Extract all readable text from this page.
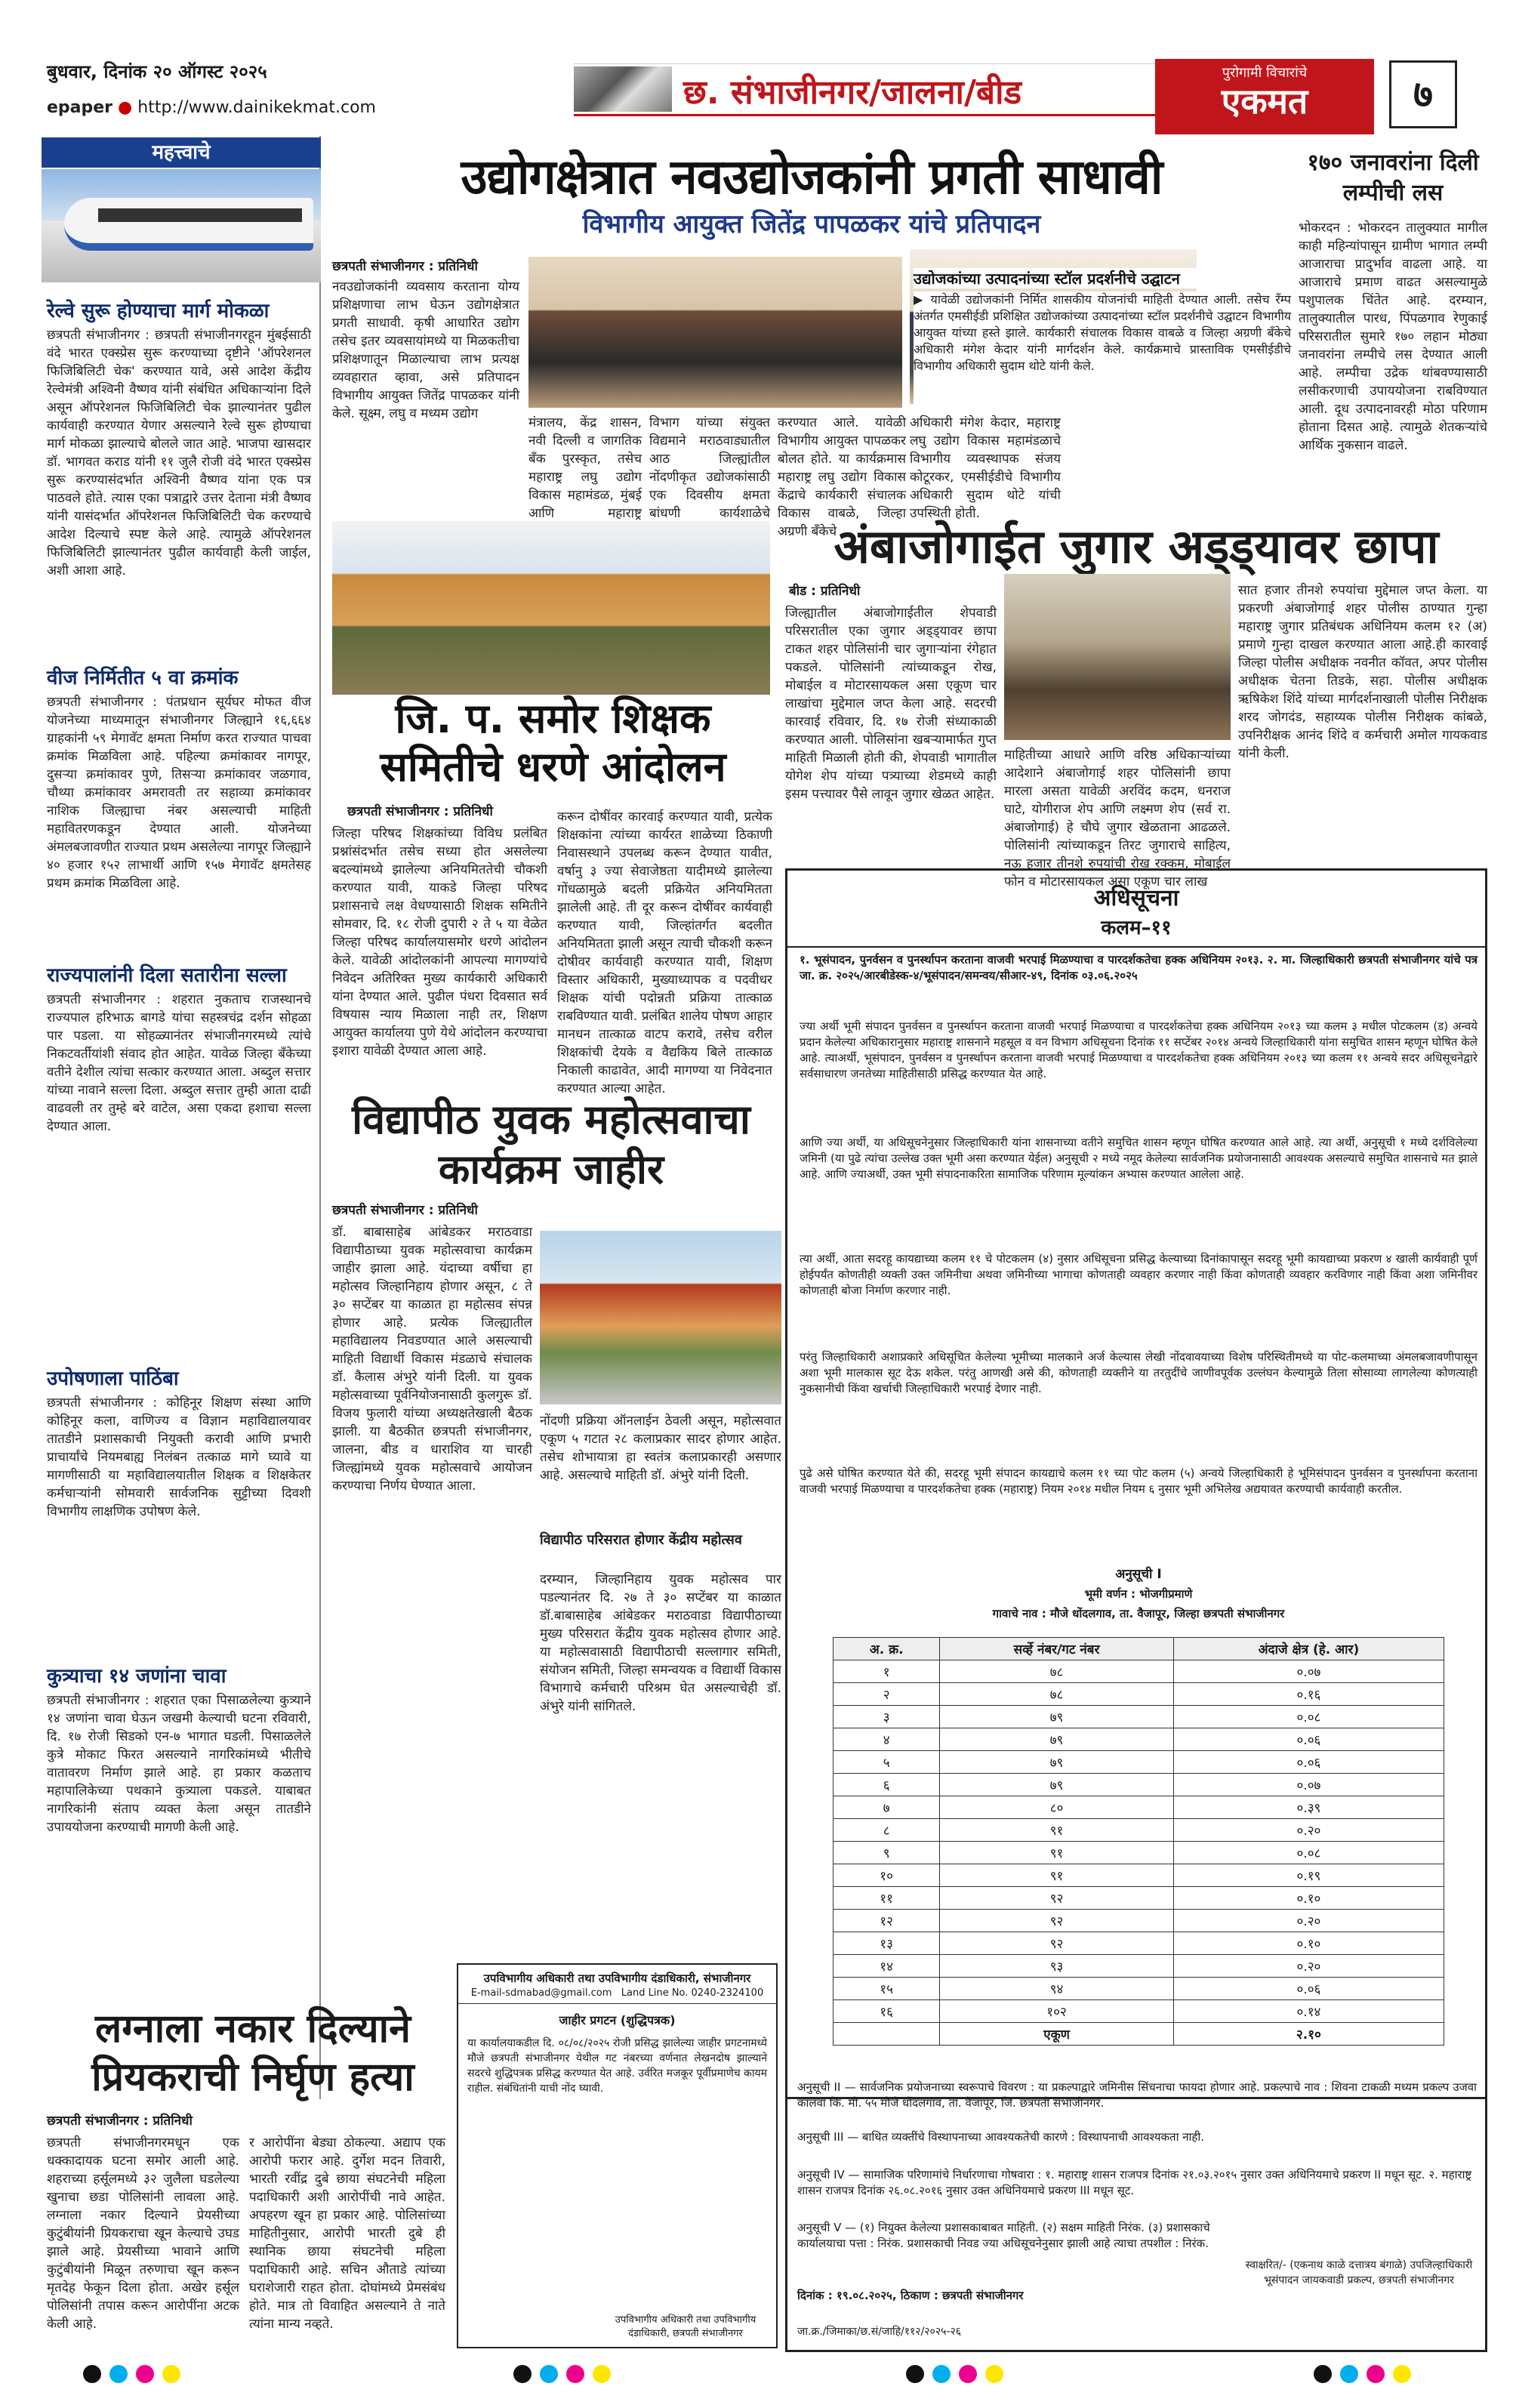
बुधवार, दिनांक २० ऑगस्ट २०२५
epaper ● http://www.dainikekmat.com	छ. संभाजीनगर/जालना/बीड
पुरोगामी विचारांचे
एकमत	७
महत्त्वाचे
रेल्वे सुरू होण्याचा मार्ग मोकळा
छत्रपती संभाजीनगर : छत्रपती संभाजीनगरहून मुंबईसाठी वंदे भारत एक्स्प्रेस सुरू करण्याच्या दृष्टीने 'ऑपरेशनल फिजिबिलिटी चेक' करण्यात यावे, असे आदेश केंद्रीय रेल्वेमंत्री अश्विनी वैष्णव यांनी संबंधित अधिकाऱ्यांना दिले असून ऑपरेशनल फिजिबिलिटी चेक झाल्यानंतर पुढील कार्यवाही करण्यात येणार असल्याने रेल्वे सुरू होण्याचा मार्ग मोकळा झाल्याचे बोलले जात आहे. भाजपा खासदार डॉ. भागवत कराड यांनी ११ जुलै रोजी वंदे भारत एक्स्प्रेस सुरू करण्यासंदर्भात अश्विनी वैष्णव यांना एक पत्र पाठवले होते. त्यास एका पत्राद्वारे उत्तर देताना मंत्री वैष्णव यांनी यासंदर्भात ऑपरेशनल फिजिबिलिटी चेक करण्याचे आदेश दिल्याचे स्पष्ट केले आहे. त्यामुळे ऑपरेशनल फिजिबिलिटी झाल्यानंतर पुढील कार्यवाही केली जाईल, अशी आशा आहे.
वीज निर्मितीत ५ वा क्रमांक
छत्रपती संभाजीनगर : पंतप्रधान सूर्यघर मोफत वीज योजनेच्या माध्यमातून संभाजीनगर जिल्ह्याने १६,६६४ ग्राहकांनी ५९ मेगावॅट क्षमता निर्माण करत राज्यात पाचवा क्रमांक मिळविला आहे. पहिल्या क्रमांकावर नागपूर, दुसऱ्या क्रमांकावर पुणे, तिसऱ्या क्रमांकावर जळगाव, चौथ्या क्रमांकावर अमरावती तर सहाव्या क्रमांकावर नाशिक जिल्ह्याचा नंबर असल्याची माहिती महावितरणकडून देण्यात आली. योजनेच्या अंमलबजावणीत राज्यात प्रथम असलेल्या नागपूर जिल्ह्याने ४० हजार १५२ लाभार्थी आणि १५७ मेगावॅट क्षमतेसह प्रथम क्रमांक मिळविला आहे.
राज्यपालांनी दिला सतारीना सल्ला
छत्रपती संभाजीनगर : शहरात नुकताच राजस्थानचे राज्यपाल हरिभाऊ बागडे यांचा सहस्त्रचंद्र दर्शन सोहळा पार पडला. या सोहळ्यानंतर संभाजीनगरमध्ये त्यांचे निकटवर्तीयांशी संवाद होत आहेत. यावेळ जिल्हा बँकेच्या वतीने देशील त्यांचा सत्कार करण्यात आला. अब्दुल सत्तार यांच्या नावाने सल्ला दिला. अब्दुल सत्तार तुम्ही आता दाढी वाढवली तर तुम्हे बरे वाटेल, असा एकदा हशाचा सल्ला देण्यात आला.
उपोषणाला पाठिंबा
छत्रपती संभाजीनगर : कोहिनूर शिक्षण संस्था आणि कोहिनूर कला, वाणिज्य व विज्ञान महाविद्यालयावर तातडीने प्रशासकाची नियुक्ती करावी आणि प्रभारी प्राचार्यांचे नियमबाह्य निलंबन तत्काळ मागे घ्यावे या मागणीसाठी या महाविद्यालयातील शिक्षक व शिक्षकेतर कर्मचाऱ्यांनी सोमवारी सार्वजनिक सुट्टीच्या दिवशी विभागीय लाक्षणिक उपोषण केले.
कुत्र्याचा १४ जणांना चावा
छत्रपती संभाजीनगर : शहरात एका पिसाळलेल्या कुत्र्याने १४ जणांना चावा घेऊन जखमी केल्याची घटना रविवारी, दि. १७ रोजी सिडको एन-७ भागात घडली. पिसाळलेले कुत्रे मोकाट फिरत असल्याने नागरिकांमध्ये भीतीचे वातावरण निर्माण झाले आहे. हा प्रकार कळताच महापालिकेच्या पथकाने कुत्र्याला पकडले. याबाबत नागरिकांनी संताप व्यक्त केला असून तातडीने उपाययोजना करण्याची मागणी केली आहे.
उद्योगक्षेत्रात नवउद्योजकांनी प्रगती साधावी
विभागीय आयुक्त जितेंद्र पापळकर यांचे प्रतिपादन
छत्रपती संभाजीनगर : प्रतिनिधी
नवउद्योजकांनी व्यवसाय करताना योग्य प्रशिक्षणाचा लाभ घेऊन उद्योगक्षेत्रात प्रगती साधावी. कृषी आधारित उद्योग तसेच इतर व्यवसायांमध्ये या मिळकतीचा प्रशिक्षणातून मिळाल्याचा लाभ प्रत्यक्ष व्यवहारात व्हावा, असे प्रतिपादन विभागीय आयुक्त जितेंद्र पापळकर यांनी केले. सूक्ष्म, लघु व मध्यम उद्योग
मंत्रालय, केंद्र शासन, नवी दिल्ली व जागतिक बँक पुरस्कृत, तसेच महाराष्ट्र लघु उद्योग विकास महामंडळ, मुंबई आणि महाराष्ट्र
विभाग यांच्या संयुक्त विद्यमाने मराठवाड्यातील आठ जिल्ह्यांतील नोंदणीकृत उद्योजकांसाठी एक दिवसीय क्षमता बांधणी कार्यशाळेचे
करण्यात आले. यावेळी विभागीय आयुक्त पापळकर बोलत होते. या कार्यक्रमास महाराष्ट्र लघु उद्योग विकास केंद्राचे कार्यकारी संचालक विकास वाबळे, जिल्हा अग्रणी बँकेचे
अधिकारी मंगेश केदार, महाराष्ट्र लघु उद्योग विकास महामंडळाचे विभागीय व्यवस्थापक संजय कोटूरकर, एमसीईडीचे विभागीय अधिकारी सुदाम थोटे यांची उपस्थिती होती.
उद्योजकांच्या उत्पादनांच्या स्टॉल प्रदर्शनीचे उद्घाटन
▶ यावेळी उद्योजकांनी निर्मित शासकीय योजनांची माहिती देण्यात आली. तसेच रँम्प अंतर्गत एमसीईडी प्रशिक्षित उद्योजकांच्या उत्पादनांच्या स्टॉल प्रदर्शनीचे उद्घाटन विभागीय आयुक्त यांच्या हस्ते झाले. कार्यकारी संचालक विकास वाबळे व जिल्हा अग्रणी बँकेचे अधिकारी मंगेश केदार यांनी मार्गदर्शन केले. कार्यक्रमाचे प्रास्ताविक एमसीईडीचे विभागीय अधिकारी सुदाम थोटे यांनी केले.
१७० जनावरांना दिली लम्पीची लस
भोकरदन : भोकरदन तालुक्यात मागील काही महिन्यांपासून ग्रामीण भागात लम्पी आजाराचा प्रादुर्भाव वाढला आहे. या आजाराचे प्रमाण वाढत असल्यामुळे पशुपालक चिंतेत आहे. दरम्यान, तालुक्यातील पारध, पिंपळगाव रेणुकाई परिसरातील सुमारे १७० लहान मोठ्या जनावरांना लम्पीचे लस देण्यात आली आहे. लम्पीचा उद्रेक थांबवण्यासाठी लसीकरणाची उपाययोजना राबविण्यात आली. दूध उत्पादनावरही मोठा परिणाम होताना दिसत आहे. त्यामुळे शेतकऱ्यांचे आर्थिक नुकसान वाढले.
जि. प. समोर शिक्षक समितीचे धरणे आंदोलन
छत्रपती संभाजीनगर : प्रतिनिधी
जिल्हा परिषद शिक्षकांच्या विविध प्रलंबित प्रश्नांसंदर्भात तसेच सध्या होत असलेल्या बदल्यांमध्ये झालेल्या अनियमिततेची चौकशी करण्यात यावी, याकडे जिल्हा परिषद प्रशासनाचे लक्ष वेधण्यासाठी शिक्षक समितीने सोमवार, दि. १८ रोजी दुपारी २ ते ५ या वेळेत जिल्हा परिषद कार्यालयासमोर धरणे आंदोलन केले. यावेळी आंदोलकांनी आपल्या मागण्यांचे निवेदन अतिरिक्त मुख्य कार्यकारी अधिकारी यांना देण्यात आले. पुढील पंधरा दिवसात सर्व विषयास न्याय मिळाला नाही तर, शिक्षण आयुक्त कार्यालया पुणे येथे आंदोलन करण्याचा इशारा यावेळी देण्यात आला आहे.
करून दोषींवर कारवाई करण्यात यावी, प्रत्येक शिक्षकांना त्यांच्या कार्यरत शाळेच्या ठिकाणी निवासस्थाने उपलब्ध करून देण्यात यावीत, वर्षानु ३ ज्या सेवाजेष्ठता यादीमध्ये झालेल्या गोंधळामुळे बदली प्रक्रियेत अनियमितता झालेली आहे. ती दूर करून दोषींवर कार्यवाही करण्यात यावी, जिल्हांतर्गत बदलीत अनियमितता झाली असून त्याची चौकशी करून दोषीवर कार्यवाही करण्यात यावी, शिक्षण विस्तार अधिकारी, मुख्याध्यापक व पदवीधर शिक्षक यांची पदोन्नती प्रक्रिया तात्काळ राबविण्यात यावी. प्रलंबित शालेय पोषण आहार मानधन तात्काळ वाटप करावे, तसेच वरील शिक्षकांची देयके व वैद्यकिय बिले तात्काळ निकाली काढावेत, आदी मागण्या या निवेदनात करण्यात आल्या आहेत.
अंबाजोगाईत जुगार अड्ड्यावर छापा
बीड : प्रतिनिधी
जिल्ह्यातील अंबाजोगाईतील शेपवाडी परिसरातील एका जुगार अड्ड्यावर छापा टाकत शहर पोलिसांनी चार जुगाऱ्यांना रंगेहात पकडले. पोलिसांनी त्यांच्याकडून रोख, मोबाईल व मोटारसायकल असा एकूण चार लाखांचा मुद्देमाल जप्त केला आहे. सदरची कारवाई रविवार, दि. १७ रोजी संध्याकाळी करण्यात आली. पोलिसांना खबऱ्यामार्फत गुप्त माहिती मिळाली होती की, शेपवाडी भागातील योगेश शेप यांच्या पत्र्याच्या शेडमध्ये काही इसम पत्त्यावर पैसे लावून जुगार खेळत आहेत.
माहितीच्या आधारे आणि वरिष्ठ अधिकाऱ्यांच्या आदेशाने अंबाजोगाई शहर पोलिसांनी छापा मारला असता यावेळी अरविंद कदम, धनराज घाटे, योगीराज शेप आणि लक्ष्मण शेप (सर्व रा. अंबाजोगाई) हे चौघे जुगार खेळताना आढळले. पोलिसांनी त्यांच्याकडून तिरट जुगाराचे साहित्य, नऊ हजार तीनशे रुपयांची रोख रक्कम, मोबाईल फोन व मोटारसायकल असा एकूण चार लाख
सात हजार तीनशे रुपयांचा मुद्देमाल जप्त केला. या प्रकरणी अंबाजोगाई शहर पोलीस ठाण्यात गुन्हा महाराष्ट्र जुगार प्रतिबंधक अधिनियम कलम १२ (अ) प्रमाणे गुन्हा दाखल करण्यात आला आहे.ही कारवाई जिल्हा पोलीस अधीक्षक नवनीत कॉवत, अपर पोलीस अधीक्षक चेतना तिडके, सहा. पोलीस अधीक्षक ऋषिकेश शिंदे यांच्या मार्गदर्शनाखाली पोलीस निरीक्षक शरद जोगदंड, सहाय्यक पोलीस निरीक्षक कांबळे, उपनिरीक्षक आनंद शिंदे व कर्मचारी अमोल गायकवाड यांनी केली.
अधिसूचना
कलम–११
१. भूसंपादन, पुनर्वसन व पुनर्स्थापन करताना वाजवी भरपाई मिळण्याचा व पारदर्शकतेचा हक्क अधिनियम २०१३. २. मा. जिल्हाधिकारी छत्रपती संभाजीनगर यांचे पत्र जा. क्र. २०२५/आरबीडेस्क-४/भूसंपादन/समन्वय/सीआर-४९, दिनांक ०३.०६.२०२५
ज्या अर्थी भूमी संपादन पुनर्वसन व पुनर्स्थापन करताना वाजवी भरपाई मिळण्याचा व पारदर्शकतेचा हक्क अधिनियम २०१३ च्या कलम ३ मधील पोटकलम (ड) अन्वये प्रदान केलेल्या अधिकारानुसार महाराष्ट्र शासनाने महसूल व वन विभाग अधिसूचना दिनांक ११ सप्टेंबर २०१४ अन्वये जिल्हाधिकारी यांना समुचित शासन म्हणून घोषित केले आहे. त्याअर्थी, भूसंपादन, पुनर्वसन व पुनर्स्थापन करताना वाजवी भरपाई मिळण्याचा व पारदर्शकतेचा हक्क अधिनियम २०१३ च्या कलम ११ अन्वये सदर अधिसूचनेद्वारे सर्वसाधारण जनतेच्या माहितीसाठी प्रसिद्ध करण्यात येत आहे.
आणि ज्या अर्थी, या अधिसूचनेनुसार जिल्हाधिकारी यांना शासनाच्या वतीने समुचित शासन म्हणून घोषित करण्यात आले आहे. त्या अर्थी, अनुसूची १ मध्ये दर्शविलेल्या जमिनी (या पुढे त्यांचा उल्लेख उक्त भूमी असा करण्यात येईल) अनुसूची २ मध्ये नमूद केलेल्या सार्वजनिक प्रयोजनासाठी आवश्यक असल्याचे समुचित शासनाचे मत झाले आहे. आणि ज्याअर्थी, उक्त भूमी संपादनाकरिता सामाजिक परिणाम मूल्यांकन अभ्यास करण्यात आलेला आहे.
त्या अर्थी, आता सदरहू कायद्याच्या कलम ११ चे पोटकलम (४) नुसार अधिसूचना प्रसिद्ध केल्याच्या दिनांकापासून सदरहू भूमी कायद्याच्या प्रकरण ४ खाली कार्यवाही पूर्ण होईपर्यंत कोणतीही व्यक्ती उक्त जमिनीचा अथवा जमिनीच्या भागाचा कोणताही व्यवहार करणार नाही किंवा कोणताही व्यवहार करविणार नाही किंवा अशा जमिनीवर कोणताही बोजा निर्माण करणार नाही.
परंतु जिल्हाधिकारी अशाप्रकारे अधिसूचित केलेल्या भूमीच्या मालकाने अर्ज केल्यास लेखी नोंदवावयाच्या विशेष परिस्थितीमध्ये या पोट-कलमाच्या अंमलबजावणीपासून अशा भूमी मालकास सूट देऊ शकेल. परंतु आणखी असे की, कोणताही व्यक्तीने या तरतुदींचे जाणीवपूर्वक उल्लंघन केल्यामुळे तिला सोसाव्या लागलेल्या कोणत्याही नुकसानीची किंवा खर्चाची जिल्हाधिकारी भरपाई देणार नाही.
पुढे असे घोषित करण्यात येते की, सदरहू भूमी संपादन कायद्याचे कलम ११ च्या पोट कलम (५) अन्वये जिल्हाधिकारी हे भूमिसंपादन पुनर्वसन व पुनर्स्थापना करताना वाजवी भरपाई मिळण्याचा व पारदर्शकतेचा हक्क (महाराष्ट्र) नियम २०१४ मधील नियम ६ नुसार भूमी अभिलेख अद्ययावत करण्याची कार्यवाही करतील.
अनुसूची I
भूमी वर्णन : भोजगीप्रमाणे
गावाचे नाव : मौजे धोंदलगाव, ता. वैजापूर, जिल्हा छत्रपती संभाजीनगर
अ. क्र.	सर्व्हे नंबर/गट नंबर	अंदाजे क्षेत्र (हे. आर)
१	७८	०.०७
२	७८	०.१६
३	७९	०.०८
४	७९	०.०६
५	७९	०.०६
६	७९	०.०७
७	८०	०.३९
८	९१	०.२०
९	९१	०.०८
१०	९१	०.१९
११	९२	०.१०
१२	९२	०.२०
१३	९२	०.१०
१४	९३	०.२०
१५	९४	०.०६
१६	१०२	०.१४
	एकूण	२.१०
अनुसूची II — सार्वजनिक प्रयोजनाच्या स्वरूपाचे विवरण : या प्रकल्पाद्वारे जमिनीस सिंचनाचा फायदा होणार आहे. प्रकल्पाचे नाव : शिवना टाकळी मध्यम प्रकल्प उजवा कालवा कि. मी. ५५ मौजे धोंदलगाव, ता. वैजापूर, जि. छत्रपती संभाजीनगर.
विद्यापीठ युवक महोत्सवाचा कार्यक्रम जाहीर
छत्रपती संभाजीनगर : प्रतिनिधी
डॉ. बाबासाहेब आंबेडकर मराठवाडा विद्यापीठाच्या युवक महोत्सवाचा कार्यक्रम जाहीर झाला आहे. यंदाच्या वर्षीचा हा महोत्सव जिल्हानिहाय होणार असून, ८ ते ३० सप्टेंबर या काळात हा महोत्सव संपन्न होणार आहे. प्रत्येक जिल्ह्यातील महाविद्यालय निवडण्यात आले असल्याची माहिती विद्यार्थी विकास मंडळाचे संचालक डॉ. कैलास अंभुरे यांनी दिली. या युवक महोत्सवाच्या पूर्वनियोजनासाठी कुलगुरू डॉ. विजय फुलारी यांच्या अध्यक्षतेखाली बैठक झाली. या बैठकीत छत्रपती संभाजीनगर, जालना, बीड व धाराशिव या चारही जिल्ह्यांमध्ये युवक महोत्सवाचे आयोजन करण्याचा निर्णय घेण्यात आला.
नोंदणी प्रक्रिया ऑनलाईन ठेवली असून, महोत्सवात एकूण ५ गटात २८ कलाप्रकार सादर होणार आहेत. तसेच शोभायात्रा हा स्वतंत्र कलाप्रकारही असणार आहे. असल्याचे माहिती डॉ. अंभुरे यांनी दिली.
विद्यापीठ परिसरात होणार केंद्रीय महोत्सव
दरम्यान, जिल्हानिहाय युवक महोत्सव पार पडल्यानंतर दि. २७ ते ३० सप्टेंबर या काळात डॉ.बाबासाहेब आंबेडकर मराठवाडा विद्यापीठाच्या मुख्य परिसरात केंद्रीय युवक महोत्सव होणार आहे. या महोत्सवासाठी विद्यापीठाची सल्लागार समिती, संयोजन समिती, जिल्हा समन्वयक व विद्यार्थी विकास विभागाचे कर्मचारी परिश्रम घेत असल्याचेही डॉ. अंभुरे यांनी सांगितले.
लग्नाला नकार दिल्याने प्रियकराची निर्घृण हत्या
छत्रपती संभाजीनगर : प्रतिनिधी
छत्रपती संभाजीनगरमधून एक धक्कादायक घटना समोर आली आहे. शहराच्या हर्सूलमध्ये ३२ जुलैला घडलेल्या खुनाचा छडा पोलिसांनी लावला आहे. लग्नाला नकार दिल्याने प्रेयसीच्या कुटुंबीयांनी प्रियकराचा खून केल्याचे उघड झाले आहे. प्रेयसीच्या भावाने आणि कुटुंबीयांनी मिळून तरुणाचा खून करून मृतदेह फेकून दिला होता. अखेर हर्सूल पोलिसांनी तपास करून आरोपींना अटक केली आहे.
र आरोपींना बेड्या ठोकल्या. अद्याप एक आरोपी फरार आहे. दुर्गेश मदन तिवारी, भारती रवींद्र दुबे छाया संघटनेची महिला पदाधिकारी अशी आरोपींची नावे आहेत. अपहरण खून हा प्रकार आहे. पोलिसांच्या माहितीनुसार, आरोपी भारती दुबे ही स्थानिक छाया संघटनेची महिला पदाधिकारी आहे. सचिन औताडे त्यांच्या घराशेजारी राहत होता. दोघांमध्ये प्रेमसंबंध होते. मात्र तो विवाहित असल्याने ते नाते त्यांना मान्य नव्हते.
उपविभागीय अधिकारी तथा उपविभागीय दंडाधिकारी, संभाजीनगर
E-mail-sdmabad@gmail.com Land Line No. 0240-2324100
जाहीर प्रगटन (शुद्धिपत्रक)
या कार्यालयाकडील दि. ०८/०८/२०२५ रोजी प्रसिद्ध झालेल्या जाहीर प्रगटनामध्ये मौजे छत्रपती संभाजीनगर येथील गट नंबरच्या वर्णनात लेखनदोष झाल्याने सदरचे शुद्धिपत्रक प्रसिद्ध करण्यात येत आहे. उर्वरित मजकूर पूर्वीप्रमाणेच कायम राहील. संबंधितांनी याची नोंद घ्यावी.
उपविभागीय अधिकारी तथा उपविभागीय दंडाधिकारी, छत्रपती संभाजीनगर
अनुसूची III — बाधित व्यक्तींचे विस्थापनाच्या आवश्यकतेची कारणे : विस्थापनाची आवश्यकता नाही.
अनुसूची IV — सामाजिक परिणामांचे निर्धारणाचा गोषवारा : १. महाराष्ट्र शासन राजपत्र दिनांक २१.०३.२०१५ नुसार उक्त अधिनियमाचे प्रकरण II मधून सूट. २. महाराष्ट्र शासन राजपत्र दिनांक २६.०८.२०१६ नुसार उक्त अधिनियमाचे प्रकरण III मधून सूट.
अनुसूची V — (१) नियुक्त केलेल्या प्रशासकाबाबत माहिती. (२) सक्षम माहिती निरंक. (३) प्रशासकाचे कार्यालयाचा पत्ता : निरंक. प्रशासकाची निवड ज्या अधिसूचनेनुसार झाली आहे त्याचा तपशील : निरंक.
दिनांक : १९.०८.२०२५, ठिकाण : छत्रपती संभाजीनगर
जा.क्र./जिमाका/छ.सं/जाहि/११२/२०२५-२६
स्वाक्षरित/- (एकनाथ काळे दत्तात्रय बंगाळे) उपजिल्हाधिकारी भूसंपादन जायकवाडी प्रकल्प, छत्रपती संभाजीनगर
